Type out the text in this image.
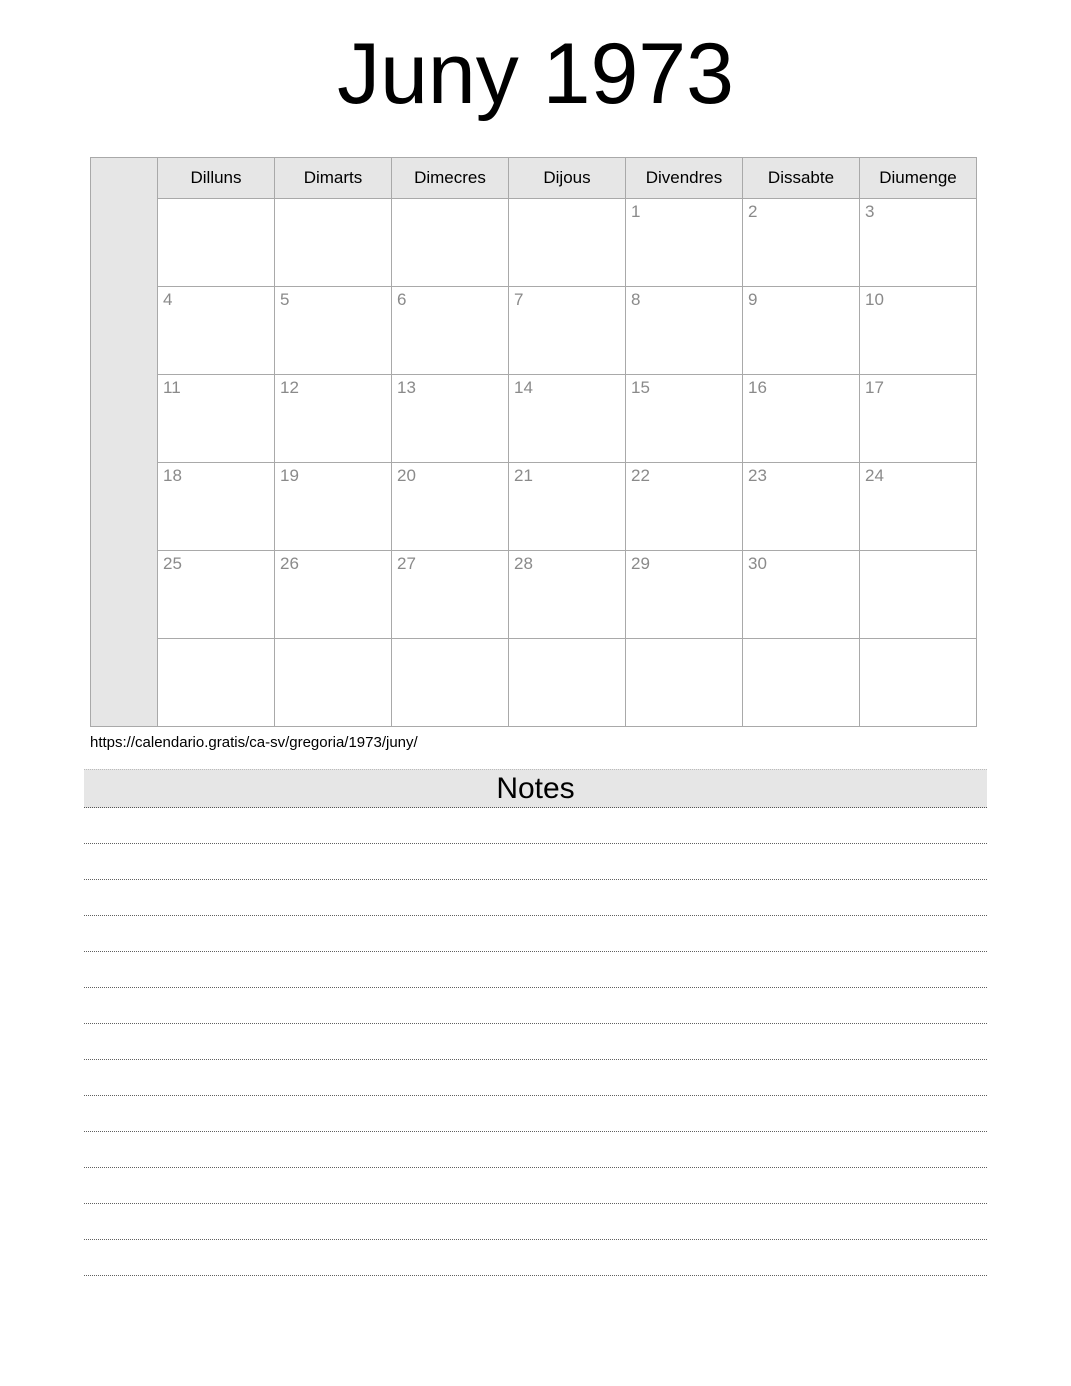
Juny 1973
	Dilluns	Dimarts	Dimecres	Dijous	Divendres	Dissabte	Diumenge
					1	2	3
	4	5	6	7	8	9	10
	11	12	13	14	15	16	17
	18	19	20	21	22	23	24
	25	26	27	28	29	30	

https://calendario.gratis/ca-sv/gregoria/1973/juny/
Notes
